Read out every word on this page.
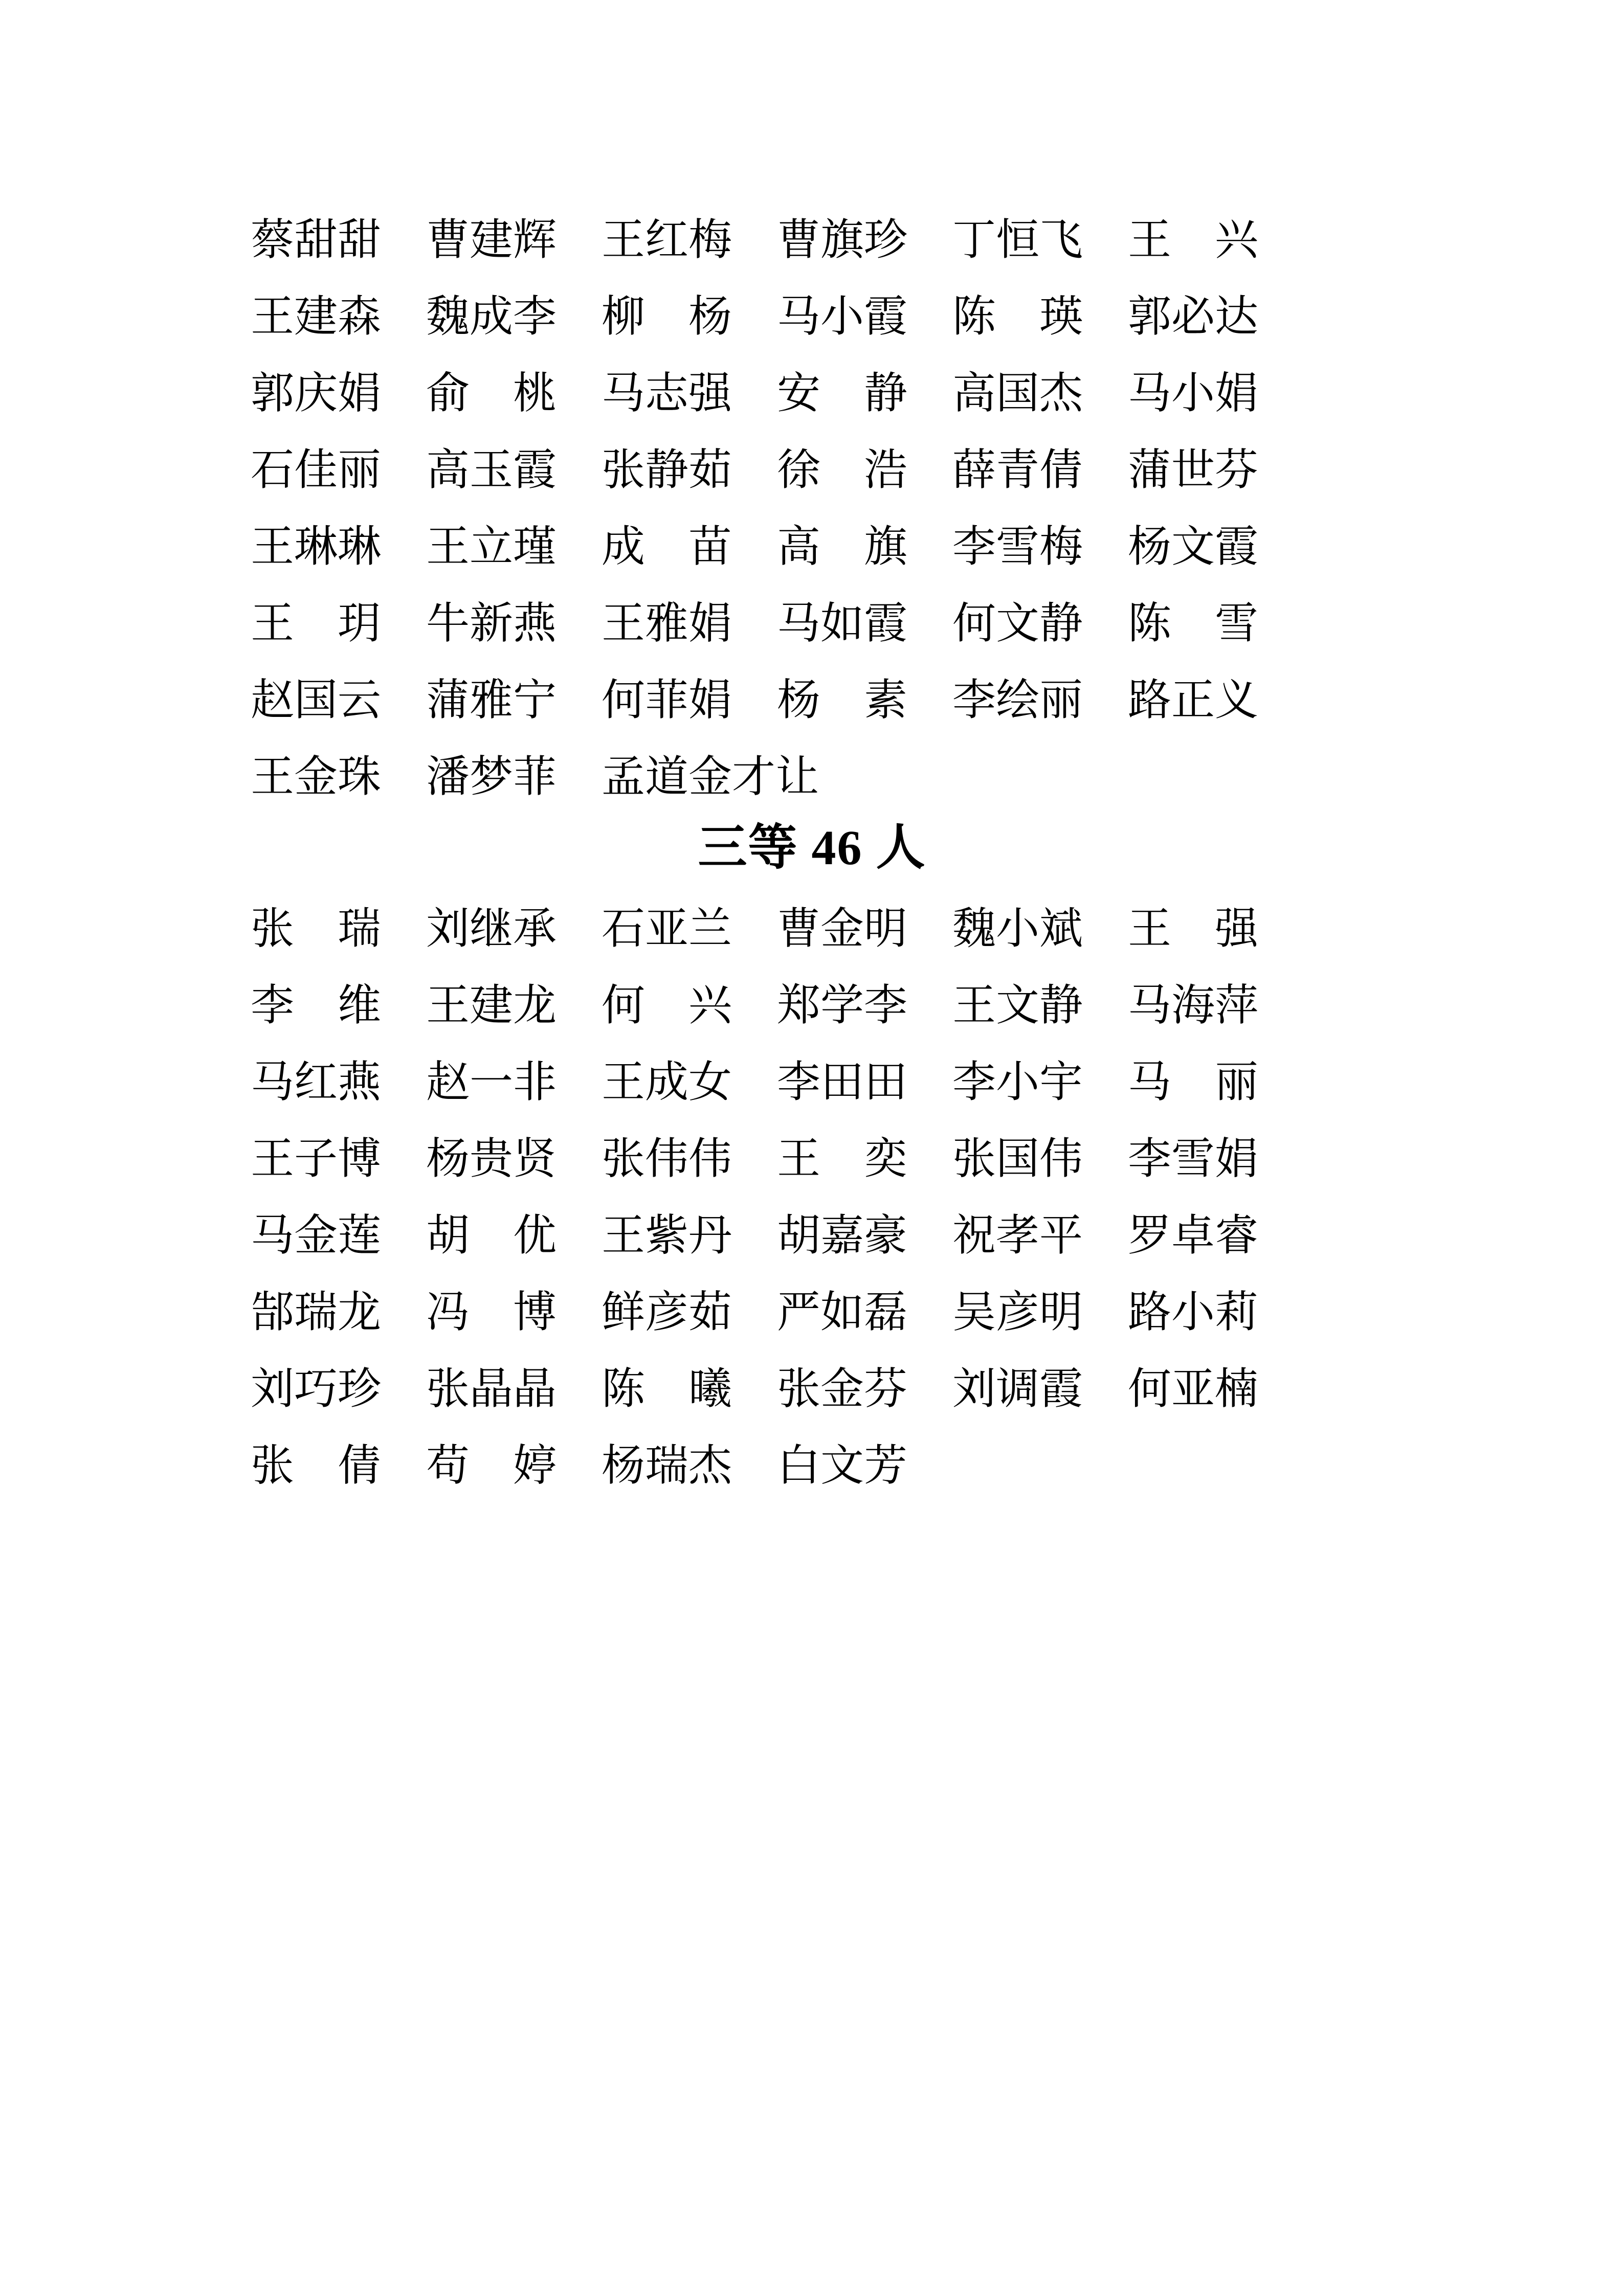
蔡 甜 甜 曹 建 辉 王 红 梅 曹 旗 珍 丁 恒 飞 王 兴
王 建 森 魏 成 李 柳 杨 马 小 霞 陈 瑛 郭 必 达
郭 庆 娟 俞 桃 马 志 强 安 静 高 国 杰 马 小 娟
石 佳 丽 高 玉 霞 张 静 茹 徐 浩 薛 青 倩 蒲 世 芬
王 琳 琳 王 立 瑾 成 苗 高 旗 李 雪 梅 杨 文 霞
王 玥 牛 新 燕 王 雅 娟 马 如 霞 何 文 静 陈 雪
赵 国 云 蒲 雅 宁 何 菲 娟 杨 素 李 绘 丽 路 正 义
王 金 珠 潘 梦 菲 孟 道 金 才 让
三等 46 人
张 瑞 刘 继 承 石 亚 兰 曹 金 明 魏 小 斌 王 强
李 维 王 建 龙 何 兴 郑 学 李 王 文 静 马 海 萍
马 红 燕 赵 一 非 王 成 女 李 田 田 李 小 宇 马 丽
王 子 博 杨 贵 贤 张 伟 伟 王 奕 张 国 伟 李 雪 娟
马 金 莲 胡 优 王 紫 丹 胡 嘉 豪 祝 孝 平 罗 卓 睿
郜 瑞 龙 冯 博 鲜 彦 茹 严 如 磊 吴 彦 明 路 小 莉
刘 巧 珍 张 晶 晶 陈 曦 张 金 芬 刘 调 霞 何 亚 楠
张 倩 苟 婷 杨 瑞 杰 白 文 芳
